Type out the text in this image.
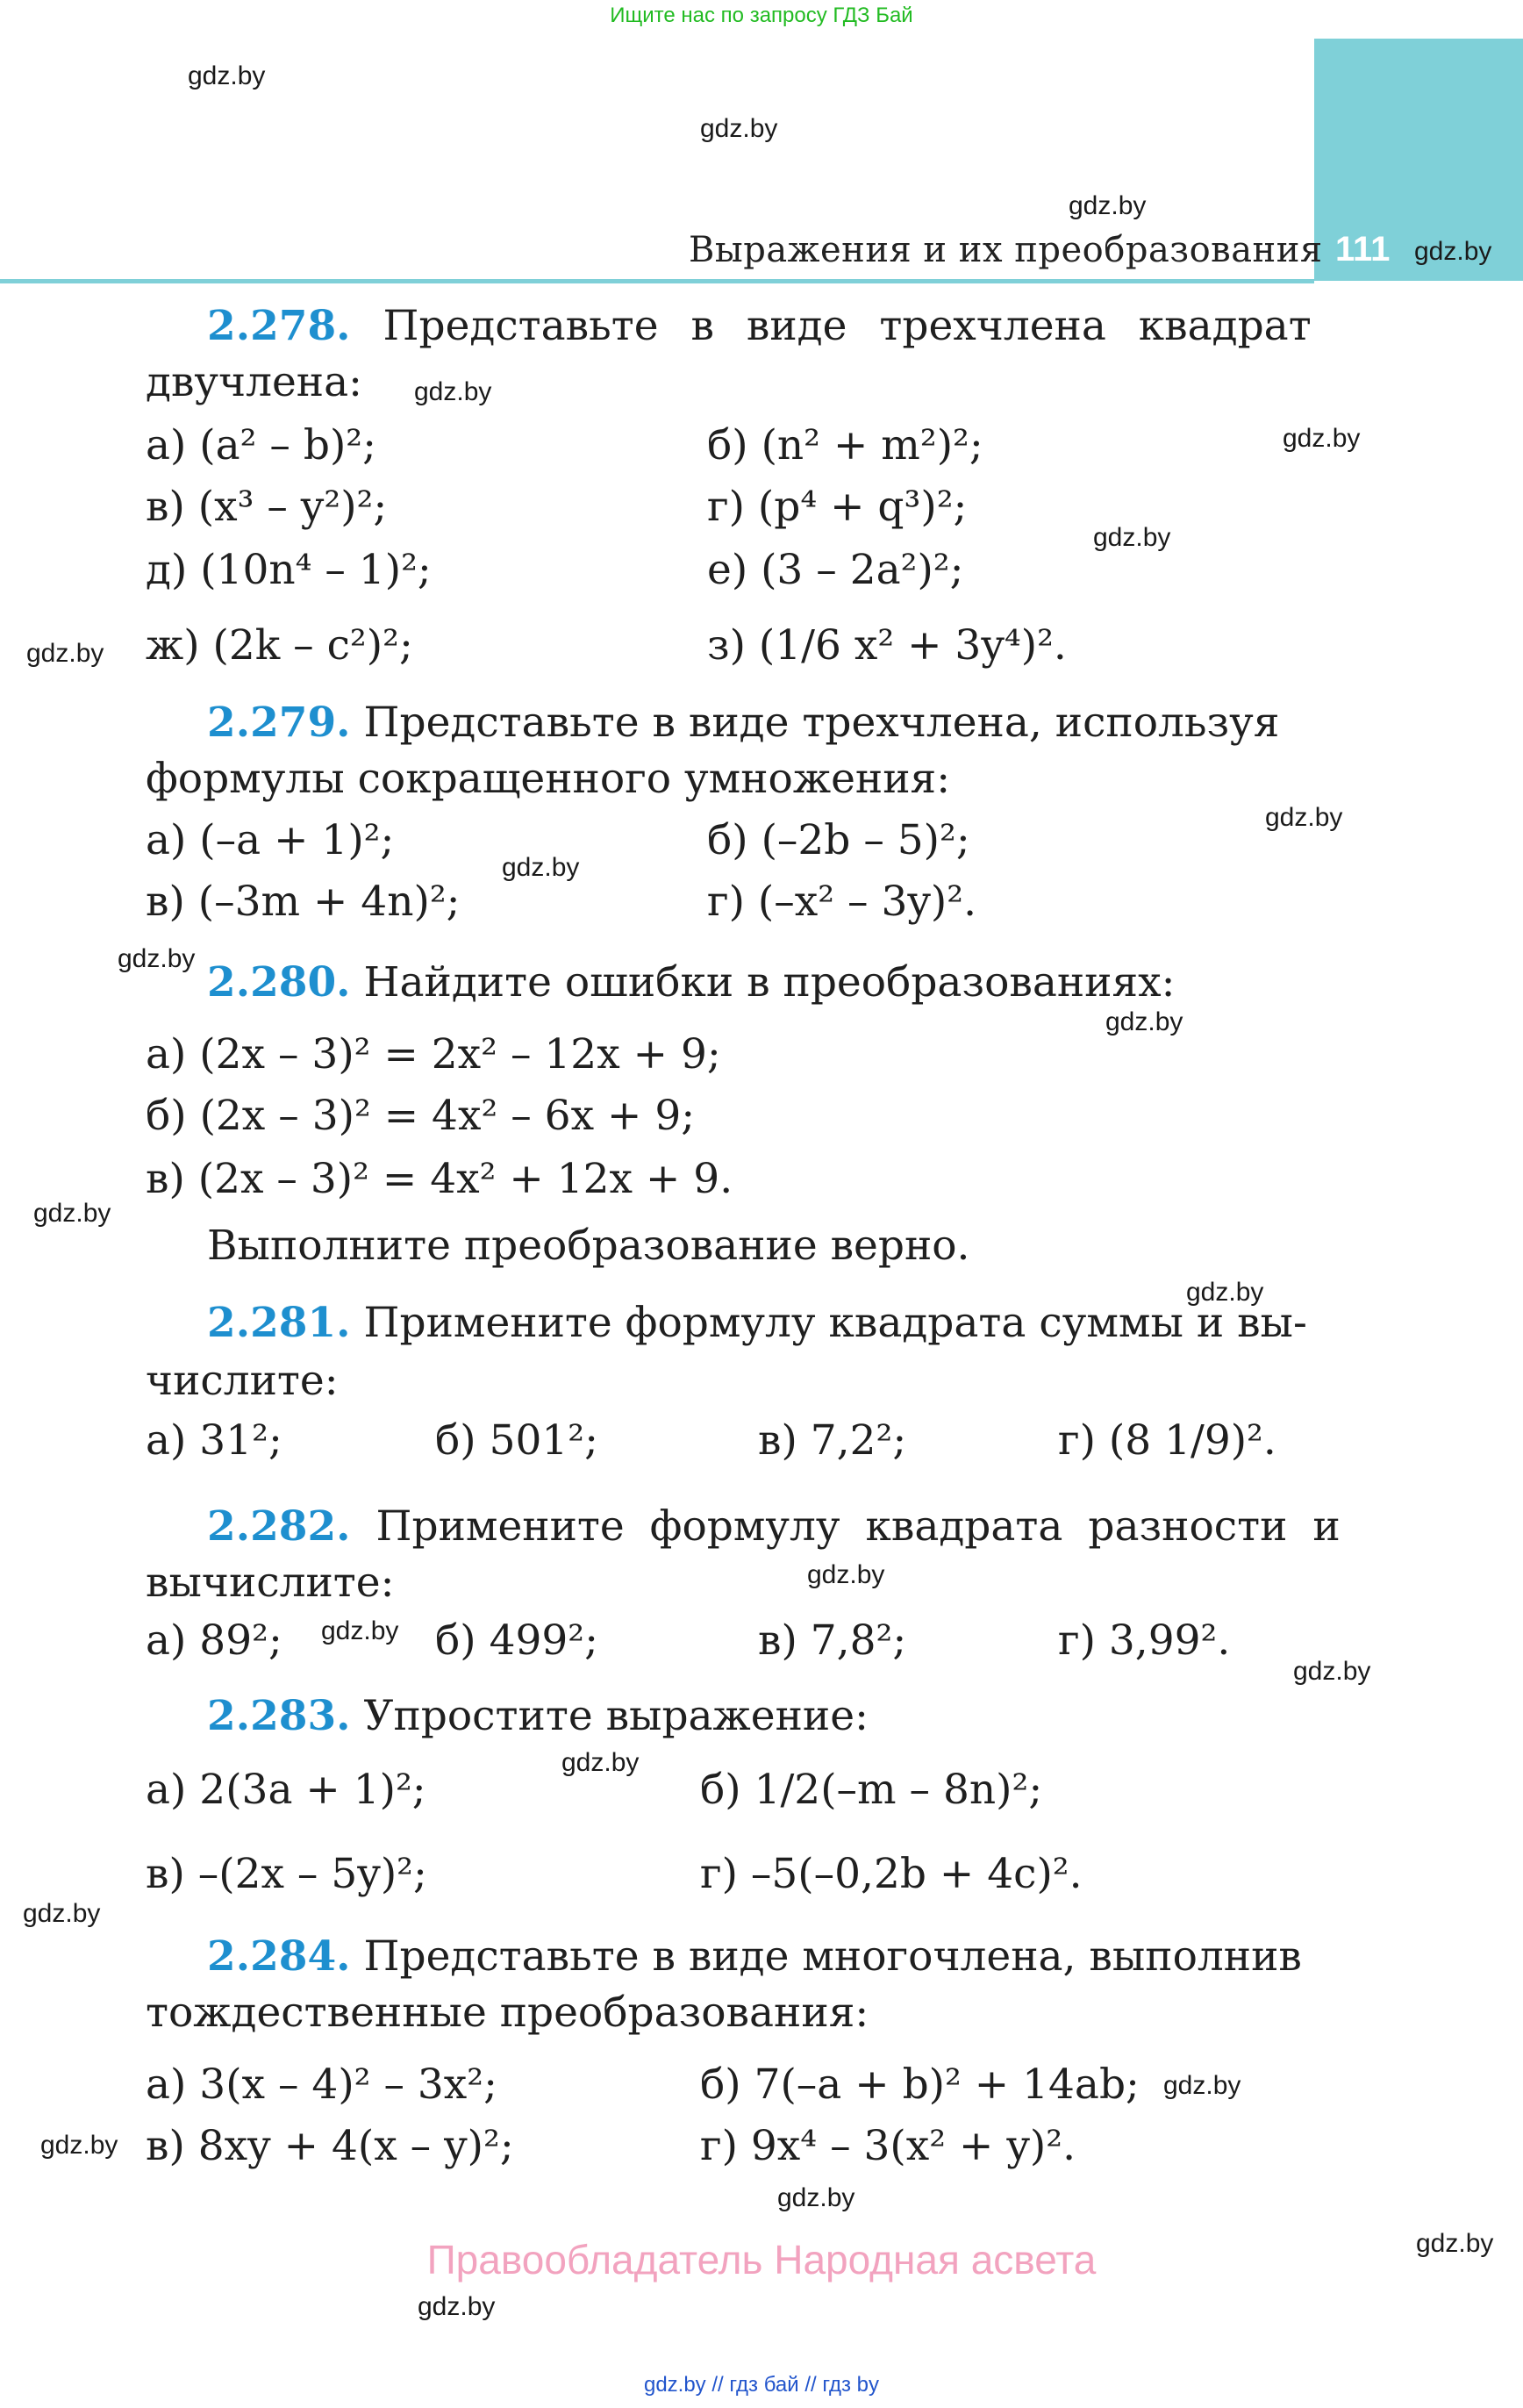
Ищите нас по запросу ГДЗ Бай
111
Выражения и их преобразования
gdz.by
gdz.by
gdz.by
gdz.by
gdz.by
gdz.by
gdz.by
gdz.by
gdz.by
gdz.by
gdz.by
gdz.by
gdz.by
gdz.by
gdz.by
gdz.by
gdz.by
gdz.by
gdz.by
gdz.by
gdz.by
gdz.by
gdz.by
gdz.by
2.278. Представьте в виде трехчлена квадрат
двучлена:
а) (a² – b)²;	б) (n² + m²)²;
в) (x³ – y²)²;	г) (p⁴ + q³)²;
д) (10n⁴ – 1)²;	е) (3 – 2a²)²;
ж) (2k – c²)²;	з) (1/6 x² + 3y⁴)².
2.279. Представьте в виде трехчлена, используя
формулы сокращенного умножения:
а) (–a + 1)²;	б) (–2b – 5)²;
в) (–3m + 4n)²;	г) (–x² – 3y)².
2.280. Найдите ошибки в преобразованиях:
а) (2x – 3)² = 2x² – 12x + 9;
б) (2x – 3)² = 4x² – 6x + 9;
в) (2x – 3)² = 4x² + 12x + 9.
Выполните преобразование верно.
2.281. Примените формулу квадрата суммы и вы-
числите:
а) 31²;	б) 501²;	в) 7,2²;	г) (8 1/9)².
2.282. Примените формулу квадрата разности и
вычислите:
а) 89²;	б) 499²;	в) 7,8²;	г) 3,99².
2.283. Упростите выражение:
а) 2(3a + 1)²;	б) 1/2(–m – 8n)²;
в) –(2x – 5y)²;	г) –5(–0,2b + 4c)².
2.284. Представьте в виде многочлена, выполнив
тождественные преобразования:
а) 3(x – 4)² – 3x²;	б) 7(–a + b)² + 14ab;
в) 8xy + 4(x – y)²;	г) 9x⁴ – 3(x² + y)².
Правообладатель Народная асвета
gdz.by // гдз бай // гдз by
